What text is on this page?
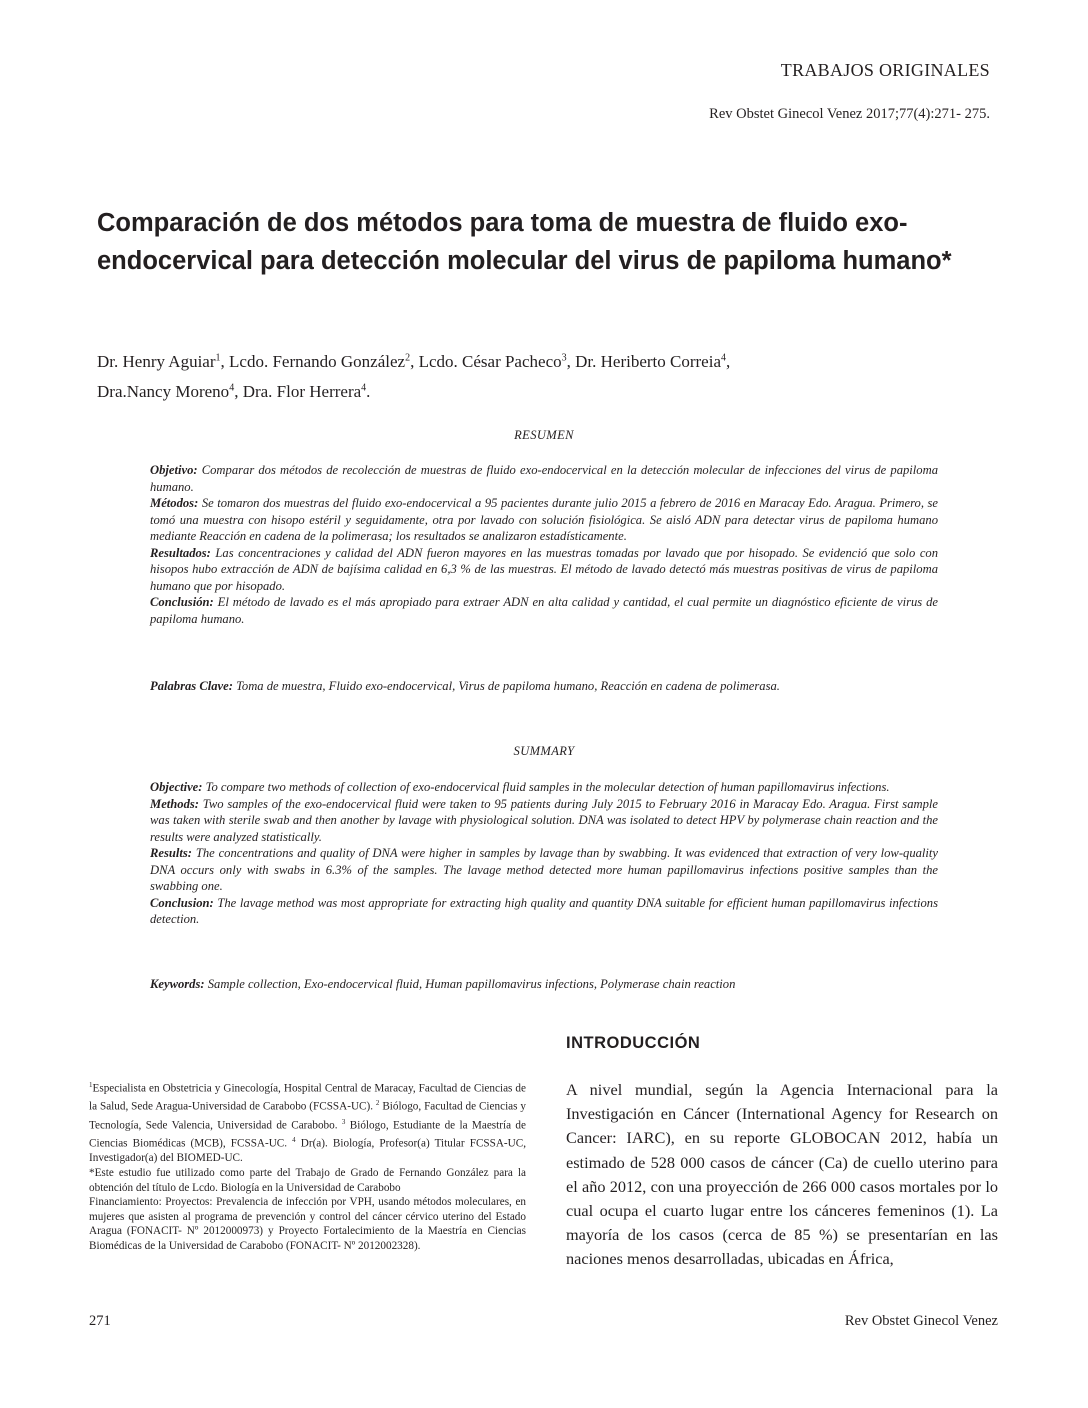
TRABAJOS ORIGINALES
Rev Obstet Ginecol Venez 2017;77(4):271- 275.
Comparación de dos métodos para toma de muestra de fluido exo-endocervical para detección molecular del virus de papiloma humano*
Dr. Henry Aguiar$^1$, Lcdo. Fernando González$^2$, Lcdo. César Pacheco$^3$, Dr. Heriberto Correia$^4$,
Dra.Nancy Moreno$^4$, Dra. Flor Herrera$^4$.
RESUMEN

Objetivo: Comparar dos métodos de recolección de muestras de fluido exo-endocervical en la detección molecular de infecciones del virus de papiloma humano.

Métodos: Se tomaron dos muestras del fluido exo-endocervical a 95 pacientes durante julio 2015 a febrero de 2016 en Maracay Edo. Aragua. Primero, se tomó una muestra con hisopo estéril y seguidamente, otra por lavado con solución fisiológica. Se aisló ADN para detectar virus de papiloma humano mediante Reacción en cadena de la polimerasa; los resultados se analizaron estadísticamente.

Resultados: Las concentraciones y calidad del ADN fueron mayores en las muestras tomadas por lavado que por hisopado. Se evidenció que solo con hisopos hubo extracción de ADN de bajísima calidad en 6,3 % de las muestras. El método de lavado detectó más muestras positivas de virus de papiloma humano que por hisopado.

Conclusión: El método de lavado es el más apropiado para extraer ADN en alta calidad y cantidad, el cual permite un diagnóstico eficiente de virus de papiloma humano.

Palabras Clave: Toma de muestra, Fluido exo-endocervical, Virus de papiloma humano, Reacción en cadena de polimerasa.
SUMMARY

Objective: To compare two methods of collection of exo-endocervical fluid samples in the molecular detection of human papillomavirus infections.

Methods: Two samples of the exo-endocervical fluid were taken to 95 patients during July 2015 to February 2016 in Maracay Edo. Aragua. First sample was taken with sterile swab and then another by lavage with physiological solution. DNA was isolated to detect HPV by polymerase chain reaction and the results were analyzed statistically.

Results: The concentrations and quality of DNA were higher in samples by lavage than by swabbing. It was evidenced that extraction of very low-quality DNA occurs only with swabs in 6.3% of the samples. The lavage method detected more human papillomavirus infections positive samples than the swabbing one.

Conclusion: The lavage method was most appropriate for extracting high quality and quantity DNA suitable for efficient human papillomavirus infections detection.

Keywords: Sample collection, Exo-endocervical fluid, Human papillomavirus infections, Polymerase chain reaction

$^1$Especialista en Obstetricia y Ginecología, Hospital Central de Maracay, Facultad de Ciencias de la Salud, Sede Aragua-Universidad de Carabobo (FCSSA-UC). $^2$ Biólogo, Facultad de Ciencias y Tecnología, Sede Valencia, Universidad de Carabobo. $^3$ Biólogo, Estudiante de la Maestría de Ciencias Biomédicas (MCB), FCSSA-UC. $^4$ Dr(a). Biología, Profesor(a) Titular FCSSA-UC, Investigador(a) del BIOMED-UC.

*Este estudio fue utilizado como parte del Trabajo de Grado de Fernando González para la obtención del título de Lcdo. Biología en la Universidad de Carabobo

Financiamiento: Proyectos: Prevalencia de infección por VPH, usando métodos moleculares, en mujeres que asisten al programa de prevención y control del cáncer cérvico uterino del Estado Aragua (FONACIT- Nº 2012000973) y Proyecto Fortalecimiento de la Maestría en Ciencias Biomédicas de la Universidad de Carabobo (FONACIT- Nº 2012002328).

INTRODUCCIÓN

A nivel mundial, según la Agencia Internacional para la Investigación en Cáncer (International Agency for Research on Cancer: IARC), en su reporte GLOBOCAN 2012, había un estimado de 528 000 casos de cáncer (Ca) de cuello uterino para el año 2012, con una proyección de 266 000 casos mortales por lo cual ocupa el cuarto lugar entre los cánceres femeninos (1). La mayoría de los casos (cerca de 85 %) se presentarían en las naciones menos desarrolladas, ubicadas en África,

271	Rev Obstet Ginecol Venez
